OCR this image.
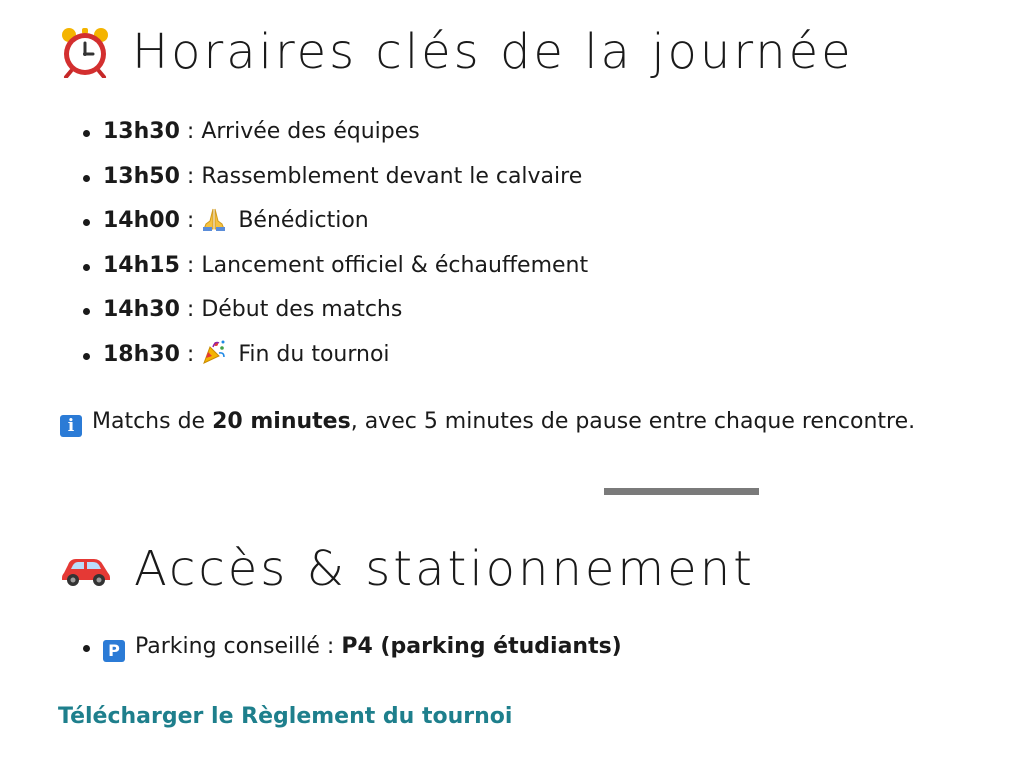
Horaires clés de la journée
13h30 : Arrivée des équipes
13h50 : Rassemblement devant le calvaire
14h00 : Bénédiction
14h15 : Lancement officiel & échauffement
14h30 : Début des matchs
18h30 : Fin du tournoi
i Matchs de 20 minutes, avec 5 minutes de pause entre chaque rencontre.
Accès & stationnement
P Parking conseillé : P4 (parking étudiants)
Télécharger le Règlement du tournoi
